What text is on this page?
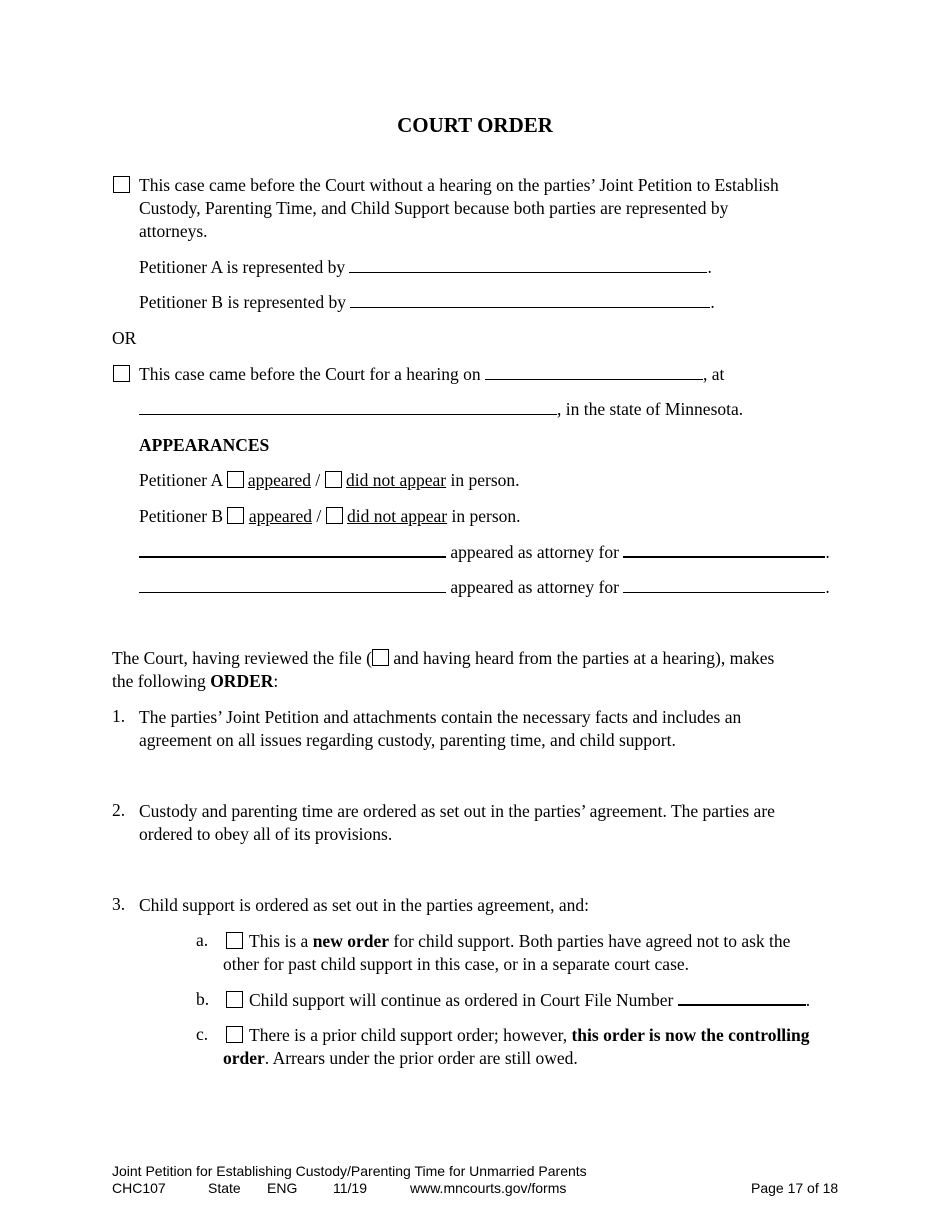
COURT ORDER
This case came before the Court without a hearing on the parties’ Joint Petition to Establish
Custody, Parenting Time, and Child Support because both parties are represented by
attorneys.
Petitioner A is represented by	.
Petitioner B is represented by	.
OR
This case came before the Court for a hearing on	, at
, in the state of Minnesota.
APPEARANCES
Petitioner A appeared / did not appear in person.
Petitioner B appeared / did not appear in person.
appeared as attorney for	.
appeared as attorney for	.
The Court, having reviewed the file ( and having heard from the parties at a hearing), makes
the following ORDER:
1. The parties’ Joint Petition and attachments contain the necessary facts and includes an
agreement on all issues regarding custody, parenting time, and child support.
2. Custody and parenting time are ordered as set out in the parties’ agreement. The parties are
ordered to obey all of its provisions.
3. Child support is ordered as set out in the parties agreement, and:
a.	This is a new order for child support. Both parties have agreed not to ask the
other for past child support in this case, or in a separate court case.
b. Child support will continue as ordered in Court File Number	.
c.	There is a prior child support order; however, this order is now the controlling
order. Arrears under the prior order are still owed.
Joint Petition for Establishing Custody/Parenting Time for Unmarried Parents
CHC107	State ENG	11/19	www.mncourts.gov/forms	Page 17 of 18
